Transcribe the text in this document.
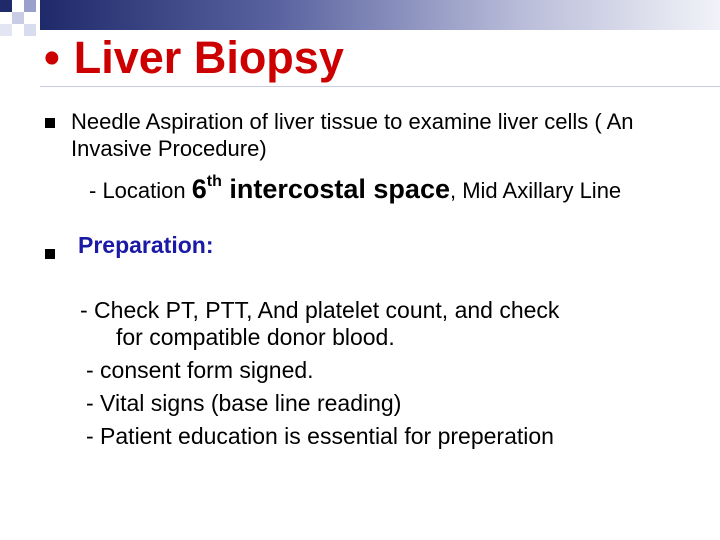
• Liver Biopsy
Needle Aspiration of liver tissue to examine liver cells ( An Invasive Procedure)
- Location 6th intercostal space, Mid Axillary Line
Preparation:
- Check PT, PTT, And platelet count, and check
for compatible donor blood.
- consent form signed.
- Vital signs (base line reading)
- Patient education is essential for preperation
